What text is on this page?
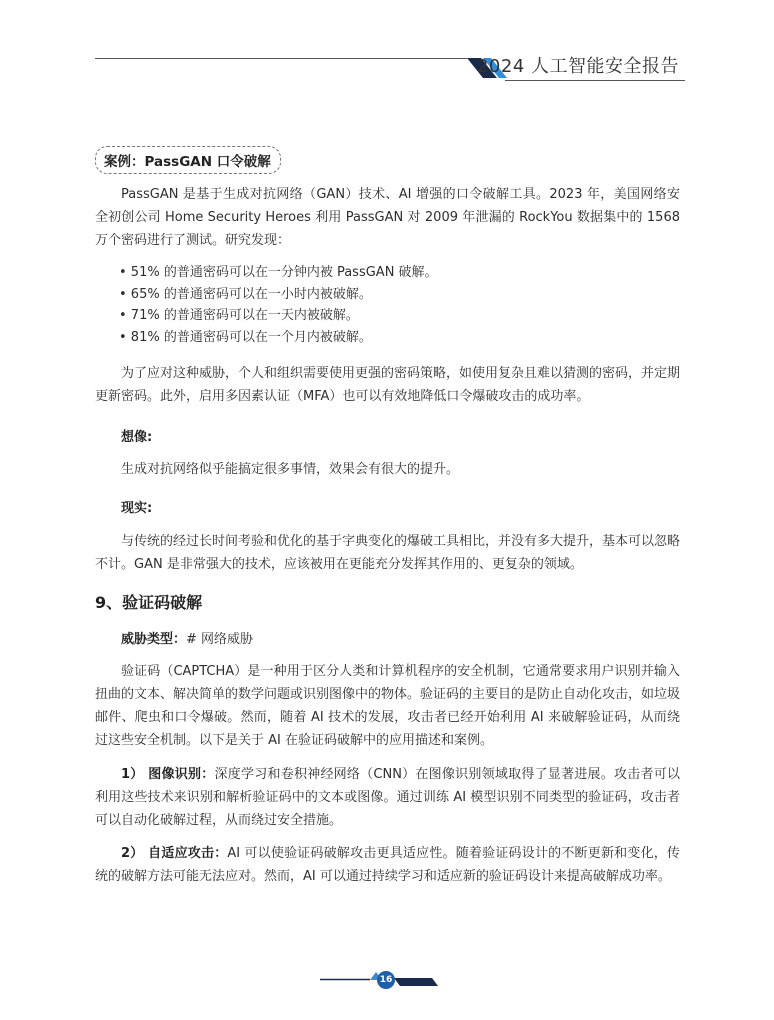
2024 人工智能安全报告
案例：PassGAN 口令破解

PassGAN 是基于生成对抗网络（GAN）技术、AI 增强的口令破解工具。2023 年，美国网络安全初创公司 Home Security Heroes 利用 PassGAN 对 2009 年泄漏的 RockYou 数据集中的 1568 万个密码进行了测试。研究发现：

• 51% 的普通密码可以在一分钟内被 PassGAN 破解。
• 65% 的普通密码可以在一小时内被破解。
• 71% 的普通密码可以在一天内被破解。
• 81% 的普通密码可以在一个月内被破解。

为了应对这种威胁，个人和组织需要使用更强的密码策略，如使用复杂且难以猜测的密码，并定期更新密码。此外，启用多因素认证（MFA）也可以有效地降低口令爆破攻击的成功率。

想像:

生成对抗网络似乎能搞定很多事情，效果会有很大的提升。

现实:

与传统的经过长时间考验和优化的基于字典变化的爆破工具相比，并没有多大提升，基本可以忽略不计。GAN 是非常强大的技术，应该被用在更能充分发挥其作用的、更复杂的领域。

9、验证码破解
威胁类型：# 网络威胁

验证码（CAPTCHA）是一种用于区分人类和计算机程序的安全机制，它通常要求用户识别并输入扭曲的文本、解决简单的数学问题或识别图像中的物体。验证码的主要目的是防止自动化攻击，如垃圾邮件、爬虫和口令爆破。然而，随着 AI 技术的发展，攻击者已经开始利用 AI 来破解验证码，从而绕过这些安全机制。以下是关于 AI 在验证码破解中的应用描述和案例。

1） 图像识别：深度学习和卷积神经网络（CNN）在图像识别领域取得了显著进展。攻击者可以利用这些技术来识别和解析验证码中的文本或图像。通过训练 AI 模型识别不同类型的验证码，攻击者可以自动化破解过程，从而绕过安全措施。

2） 自适应攻击：AI 可以使验证码破解攻击更具适应性。随着验证码设计的不断更新和变化，传统的破解方法可能无法应对。然而，AI 可以通过持续学习和适应新的验证码设计来提高破解成功率。

16
